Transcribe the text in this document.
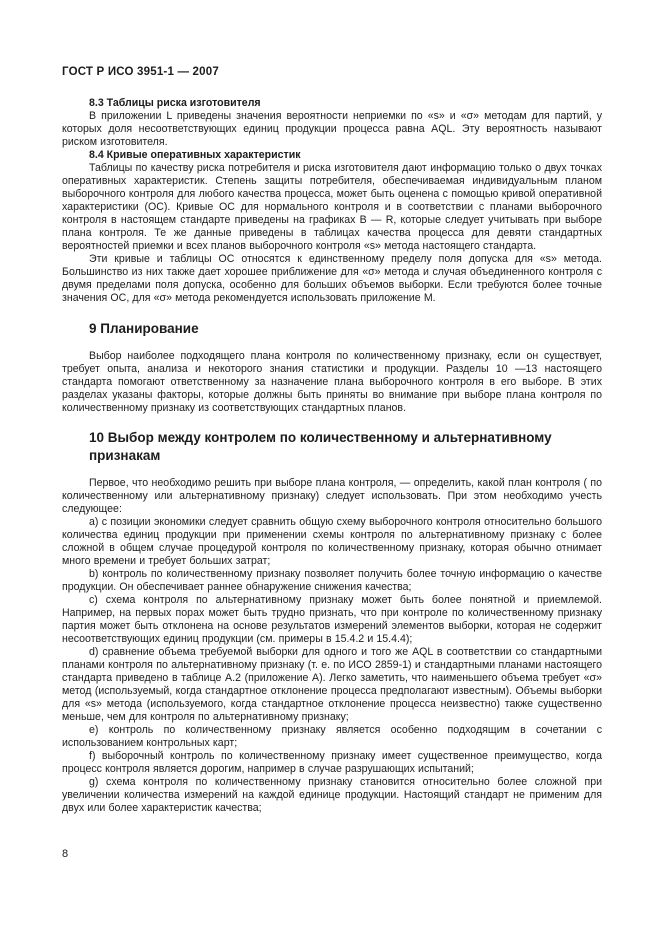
ГОСТ Р ИСО 3951-1 — 2007

8.3 Таблицы риска изготовителя

В приложении L приведены значения вероятности неприемки по «s» и «σ» методам для партий, у которых доля несоответствующих единиц продукции процесса равна AQL. Эту вероятность называют риском изготовителя.

8.4 Кривые оперативных характеристик

Таблицы по качеству риска потребителя и риска изготовителя дают информацию только о двух точках оперативных характеристик. Степень защиты потребителя, обеспечиваемая индивидуальным планом выборочного контроля для любого качества процесса, может быть оценена с помощью кривой оперативной характеристики (ОС). Кривые ОС для нормального контроля и в соответствии с планами выборочного контроля в настоящем стандарте приведены на графиках B — R, которые следует учитывать при выборе плана контроля. Те же данные приведены в таблицах качества процесса для девяти стандартных вероятностей приемки и всех планов выборочного контроля «s» метода настоящего стандарта.

Эти кривые и таблицы ОС относятся к единственному пределу поля допуска для «s» метода. Большинство из них также дает хорошее приближение для «σ» метода и случая объединенного контроля с двумя пределами поля допуска, особенно для больших объемов выборки. Если требуются более точные значения ОС, для «σ» метода рекомендуется использовать приложение М.

9 Планирование

Выбор наиболее подходящего плана контроля по количественному признаку, если он существует, требует опыта, анализа и некоторого знания статистики и продукции. Разделы 10 —13 настоящего стандарта помогают ответственному за назначение плана выборочного контроля в его выборе. В этих разделах указаны факторы, которые должны быть приняты во внимание при выборе плана контроля по количественному признаку из соответствующих стандартных планов.

10 Выбор между контролем по количественному и альтернативному признакам

Первое, что необходимо решить при выборе плана контроля, — определить, какой план контроля ( по количественному или альтернативному признаку) следует использовать. При этом необходимо учесть следующее:

a) с позиции экономики следует сравнить общую схему выборочного контроля относительно большого количества единиц продукции при применении схемы контроля по альтернативному признаку с более сложной в общем случае процедурой контроля по количественному признаку, которая обычно отнимает много времени и требует больших затрат;

b) контроль по количественному признаку позволяет получить более точную информацию о качестве продукции. Он обеспечивает раннее обнаружение снижения качества;

c) схема контроля по альтернативному признаку может быть более понятной и приемлемой. Например, на первых порах может быть трудно признать, что при контроле по количественному признаку партия может быть отклонена на основе результатов измерений элементов выборки, которая не содержит несоответствующих единиц продукции (см. примеры в 15.4.2 и 15.4.4);

d) сравнение объема требуемой выборки для одного и того же AQL в соответствии со стандартными планами контроля по альтернативному признаку (т. е. по ИСО 2859-1) и стандартными планами настоящего стандарта приведено в таблице А.2 (приложение А). Легко заметить, что наименьшего объема требует «σ» метод (используемый, когда стандартное отклонение процесса предполагают известным). Объемы выборки для «s» метода (используемого, когда стандартное отклонение процесса неизвестно) также существенно меньше, чем для контроля по альтернативному признаку;

e) контроль по количественному признаку является особенно подходящим в сочетании с использованием контрольных карт;

f) выборочный контроль по количественному признаку имеет существенное преимущество, когда процесс контроля является дорогим, например в случае разрушающих испытаний;

g) схема контроля по количественному признаку становится относительно более сложной при увеличении количества измерений на каждой единице продукции. Настоящий стандарт не применим для двух или более характеристик качества;

8
